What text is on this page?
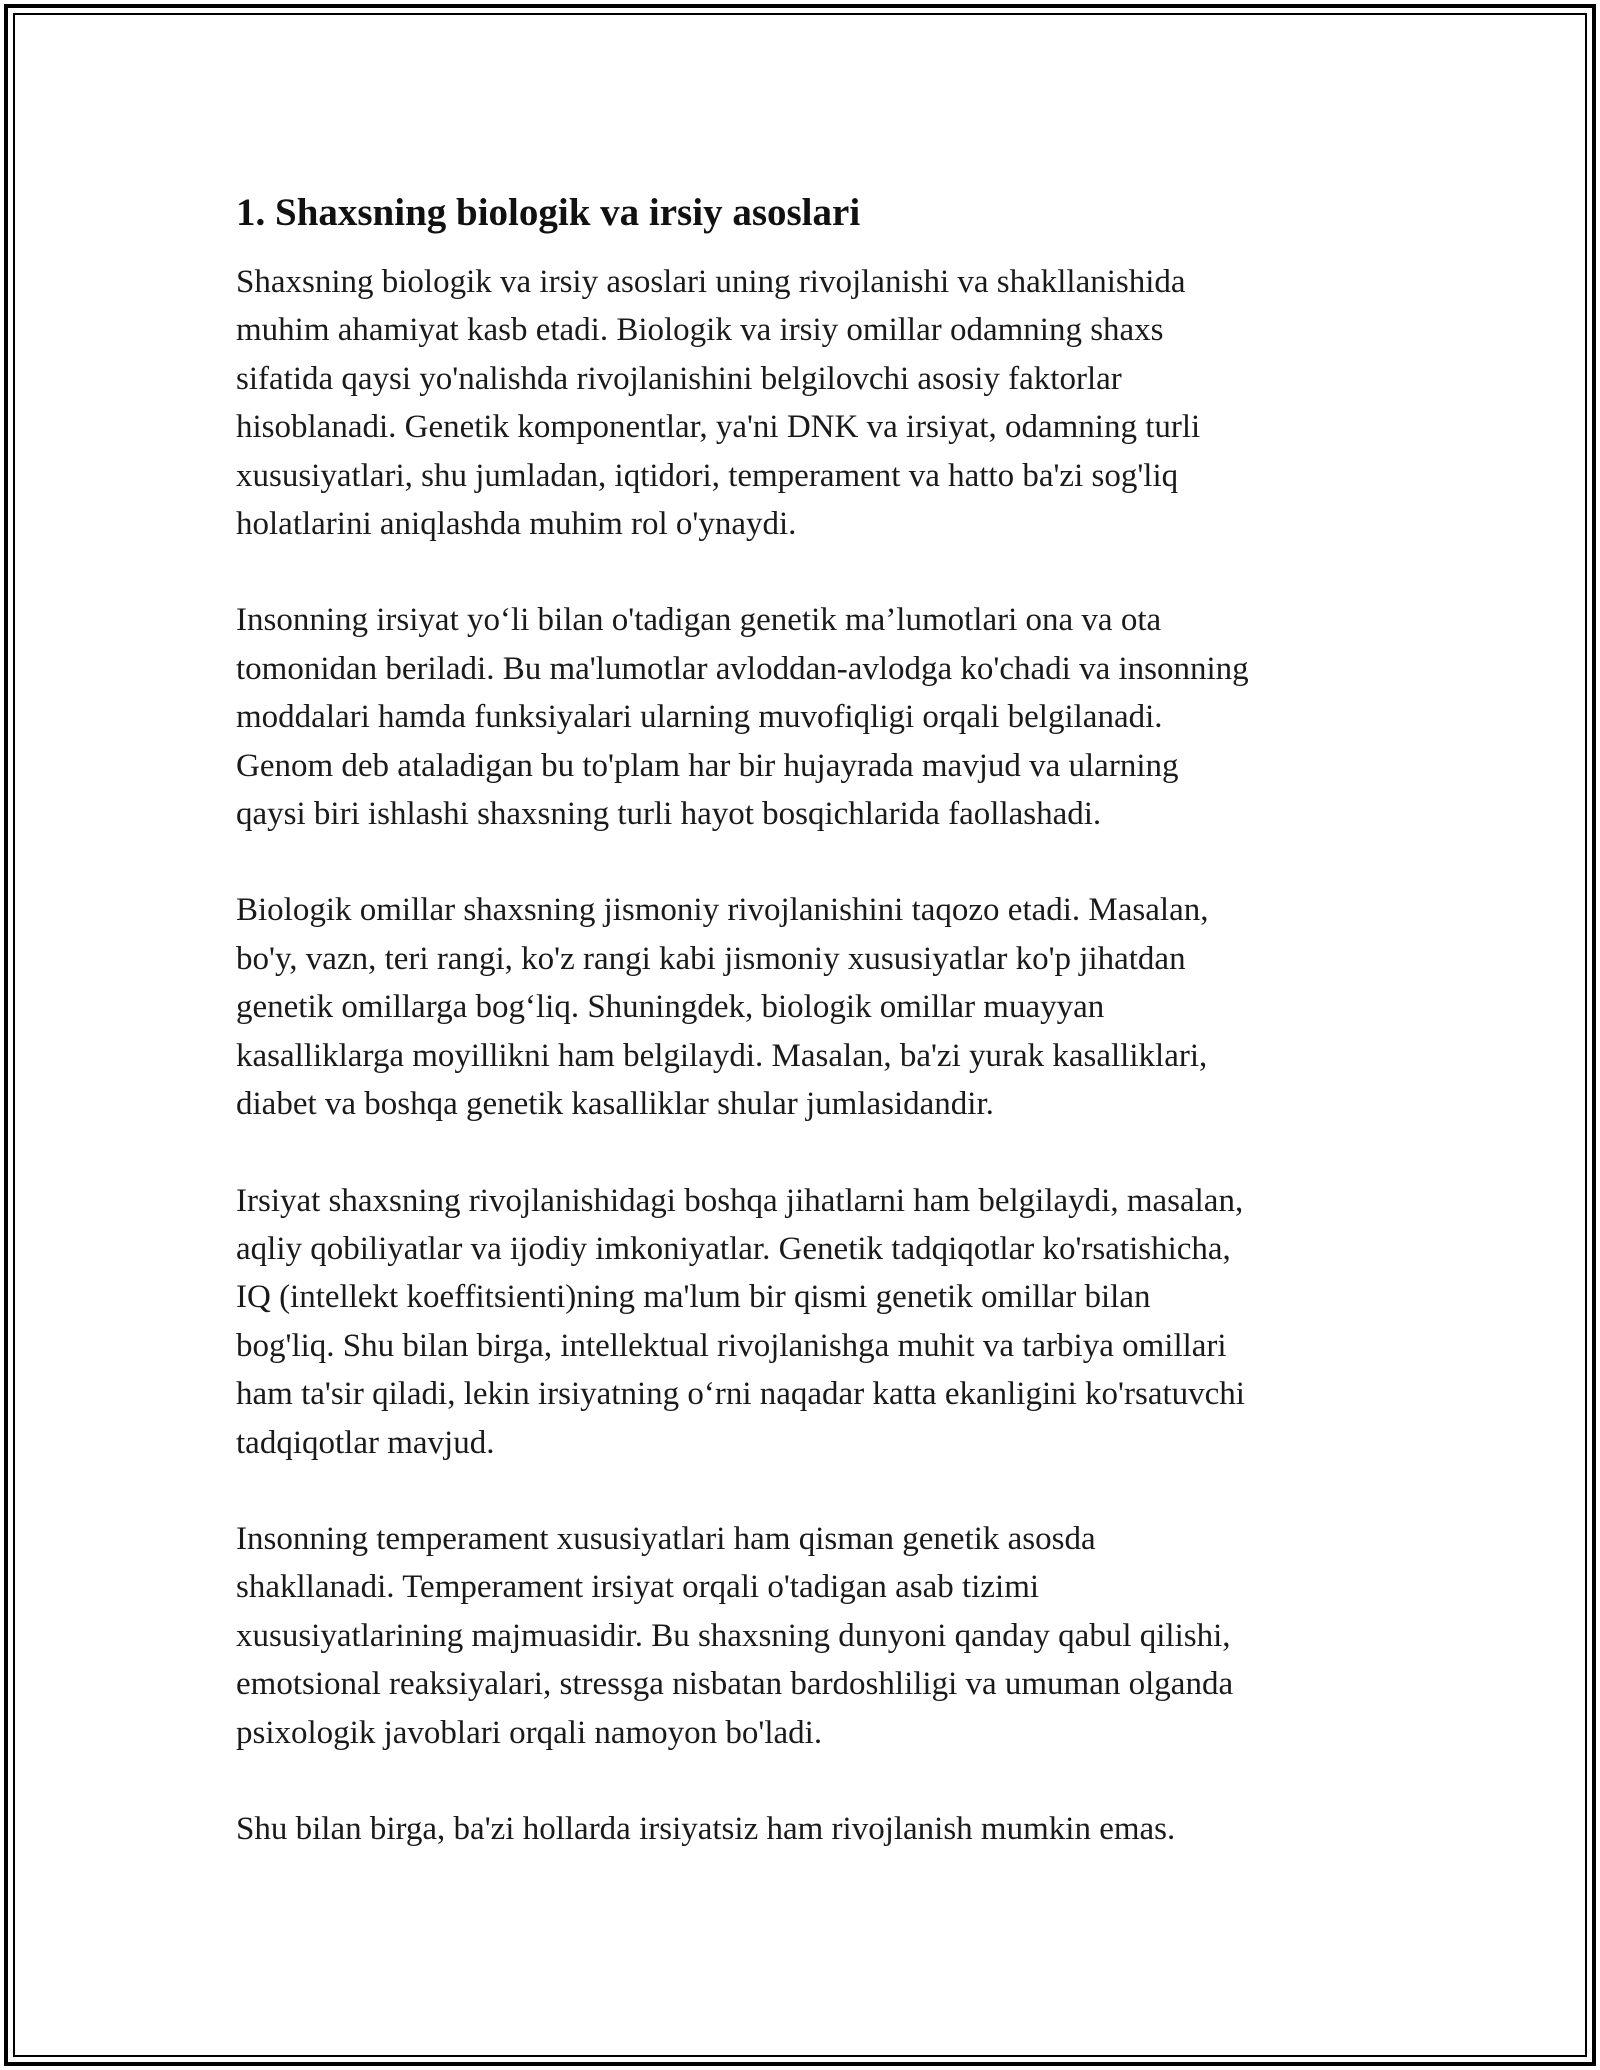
1. Shaxsning biologik va irsiy asoslari

Shaxsning biologik va irsiy asoslari uning rivojlanishi va shakllanishida
muhim ahamiyat kasb etadi. Biologik va irsiy omillar odamning shaxs
sifatida qaysi yo'nalishda rivojlanishini belgilovchi asosiy faktorlar
hisoblanadi. Genetik komponentlar, ya'ni DNK va irsiyat, odamning turli
xususiyatlari, shu jumladan, iqtidori, temperament va hatto ba'zi sog'liq
holatlarini aniqlashda muhim rol o'ynaydi.

Insonning irsiyat yo‘li bilan o'tadigan genetik ma’lumotlari ona va ota
tomonidan beriladi. Bu ma'lumotlar avloddan-avlodga ko'chadi va insonning
moddalari hamda funksiyalari ularning muvofiqligi orqali belgilanadi.
Genom deb ataladigan bu to'plam har bir hujayrada mavjud va ularning
qaysi biri ishlashi shaxsning turli hayot bosqichlarida faollashadi.

Biologik omillar shaxsning jismoniy rivojlanishini taqozo etadi. Masalan,
bo'y, vazn, teri rangi, ko'z rangi kabi jismoniy xususiyatlar ko'p jihatdan
genetik omillarga bog‘liq. Shuningdek, biologik omillar muayyan
kasalliklarga moyillikni ham belgilaydi. Masalan, ba'zi yurak kasalliklari,
diabet va boshqa genetik kasalliklar shular jumlasidandir.

Irsiyat shaxsning rivojlanishidagi boshqa jihatlarni ham belgilaydi, masalan,
aqliy qobiliyatlar va ijodiy imkoniyatlar. Genetik tadqiqotlar ko'rsatishicha,
IQ (intellekt koeffitsienti)ning ma'lum bir qismi genetik omillar bilan
bog'liq. Shu bilan birga, intellektual rivojlanishga muhit va tarbiya omillari
ham ta'sir qiladi, lekin irsiyatning o‘rni naqadar katta ekanligini ko'rsatuvchi
tadqiqotlar mavjud.

Insonning temperament xususiyatlari ham qisman genetik asosda
shakllanadi. Temperament irsiyat orqali o'tadigan asab tizimi
xususiyatlarining majmuasidir. Bu shaxsning dunyoni qanday qabul qilishi,
emotsional reaksiyalari, stressga nisbatan bardoshliligi va umuman olganda
psixologik javoblari orqali namoyon bo'ladi.

Shu bilan birga, ba'zi hollarda irsiyatsiz ham rivojlanish mumkin emas.
